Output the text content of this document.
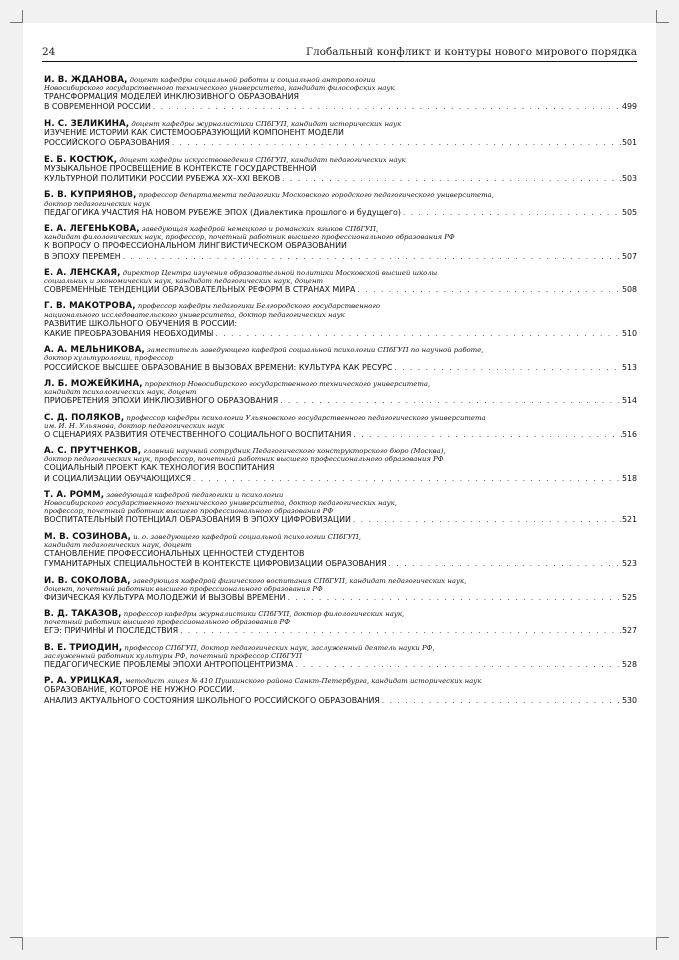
24	Глобальный конфликт и контуры нового мирового порядка
И. В. ЖДАНОВА, доцент кафедры социальной работы и социальной антропологии
Новосибирского государственного технического университета, кандидат философских наук
ТРАНСФОРМАЦИЯ МОДЕЛЕЙ ИНКЛЮЗИВНОГО ОБРАЗОВАНИЯ
В СОВРЕМЕННОЙ РОССИИ . . .	499
Н. С. ЗЕЛИКИНА, доцент кафедры журналистики СПбГУП, кандидат исторических наук
ИЗУЧЕНИЕ ИСТОРИИ КАК СИСТЕМООБРАЗУЮЩИЙ КОМПОНЕНТ МОДЕЛИ
РОССИЙСКОГО ОБРАЗОВАНИЯ . . .	501
Е. Б. КОСТЮК, доцент кафедры искусствоведения СПбГУП, кандидат педагогических наук
МУЗЫКАЛЬНОЕ ПРОСВЕЩЕНИЕ В КОНТЕКСТЕ ГОСУДАРСТВЕННОЙ
КУЛЬТУРНОЙ ПОЛИТИКИ РОССИИ РУБЕЖА XX–XXI ВЕКОВ . . .	503
Б. В. КУПРИЯНОВ, профессор департамента педагогики Московского городского педагогического университета,
доктор педагогических наук
ПЕДАГОГИКА УЧАСТИЯ НА НОВОМ РУБЕЖЕ ЭПОХ (Диалектика прошлого и будущего) . . .	505
Е. А. ЛЕГЕНЬКОВА, заведующая кафедрой немецкого и романских языков СПбГУП,
кандидат филологических наук, профессор, почетный работник высшего профессионального образования РФ
К ВОПРОСУ О ПРОФЕССИОНАЛЬНОМ ЛИНГВИСТИЧЕСКОМ ОБРАЗОВАНИИ
В ЭПОХУ ПЕРЕМЕН . . .	507
Е. А. ЛЕНСКАЯ, директор Центра изучения образовательной политики Московской высшей школы
социальных и экономических наук, кандидат педагогических наук, доцент
СОВРЕМЕННЫЕ ТЕНДЕНЦИИ ОБРАЗОВАТЕЛЬНЫХ РЕФОРМ В СТРАНАХ МИРА . . .	508
Г. В. МАКОТРОВА, профессор кафедры педагогики Белгородского государственного
национального исследовательского университета, доктор педагогических наук
РАЗВИТИЕ ШКОЛЬНОГО ОБУЧЕНИЯ В РОССИИ:
КАКИЕ ПРЕОБРАЗОВАНИЯ НЕОБХОДИМЫ . . .	510
А. А. МЕЛЬНИКОВА, заместитель заведующего кафедрой социальной психологии СПбГУП по научной работе,
доктор культурологии, профессор
РОССИЙСКОЕ ВЫСШЕЕ ОБРАЗОВАНИЕ В ВЫЗОВАХ ВРЕМЕНИ: КУЛЬТУРА КАК РЕСУРС . . .	513
Л. Б. МОЖЕЙКИНА, проректор Новосибирского государственного технического университета,
кандидат психологических наук, доцент
ПРИОБРЕТЕНИЯ ЭПОХИ ИНКЛЮЗИВНОГО ОБРАЗОВАНИЯ . . .	514
С. Д. ПОЛЯКОВ, профессор кафедры психологии Ульяновского государственного педагогического университета
им. И. Н. Ульянова, доктор педагогических наук
О СЦЕНАРИЯХ РАЗВИТИЯ ОТЕЧЕСТВЕННОГО СОЦИАЛЬНОГО ВОСПИТАНИЯ . . .	516
А. С. ПРУТЧЕНКОВ, главный научный сотрудник Педагогического конструкторского бюро (Москва),
доктор педагогических наук, профессор, почетный работник высшего профессионального образования РФ
СОЦИАЛЬНЫЙ ПРОЕКТ КАК ТЕХНОЛОГИЯ ВОСПИТАНИЯ
И СОЦИАЛИЗАЦИИ ОБУЧАЮЩИХСЯ . . .	518
Т. А. РОММ, заведующая кафедрой педагогики и психологии
Новосибирского государственного технического университета, доктор педагогических наук,
профессор, почетный работник высшего профессионального образования РФ
ВОСПИТАТЕЛЬНЫЙ ПОТЕНЦИАЛ ОБРАЗОВАНИЯ В ЭПОХУ ЦИФРОВИЗАЦИИ . . .	521
М. В. СОЗИНОВА, и. о. заведующего кафедрой социальной психологии СПбГУП,
кандидат педагогических наук, доцент
СТАНОВЛЕНИЕ ПРОФЕССИОНАЛЬНЫХ ЦЕННОСТЕЙ СТУДЕНТОВ
ГУМАНИТАРНЫХ СПЕЦИАЛЬНОСТЕЙ В КОНТЕКСТЕ ЦИФРОВИЗАЦИИ ОБРАЗОВАНИЯ . . .	523
И. В. СОКОЛОВА, заведующая кафедрой физического воспитания СПбГУП, кандидат педагогических наук,
доцент, почетный работник высшего профессионального образования РФ
ФИЗИЧЕСКАЯ КУЛЬТУРА МОЛОДЕЖИ И ВЫЗОВЫ ВРЕМЕНИ . . .	525
В. Д. ТАКАЗОВ, профессор кафедры журналистики СПбГУП, доктор филологических наук,
почетный работник высшего профессионального образования РФ
ЕГЭ: ПРИЧИНЫ И ПОСЛЕДСТВИЯ . . .	527
В. Е. ТРИОДИН, профессор СПбГУП, доктор педагогических наук, заслуженный деятель науки РФ,
заслуженный работник культуры РФ, почетный профессор СПбГУП
ПЕДАГОГИЧЕСКИЕ ПРОБЛЕМЫ ЭПОХИ АНТРОПОЦЕНТРИЗМА . . .	528
Р. А. УРИЦКАЯ, методист лицея № 410 Пушкинского района Санкт-Петербурга, кандидат исторических наук
ОБРАЗОВАНИЕ, КОТОРОЕ НЕ НУЖНО РОССИИ.
АНАЛИЗ АКТУАЛЬНОГО СОСТОЯНИЯ ШКОЛЬНОГО РОССИЙСКОГО ОБРАЗОВАНИЯ . . .	530
